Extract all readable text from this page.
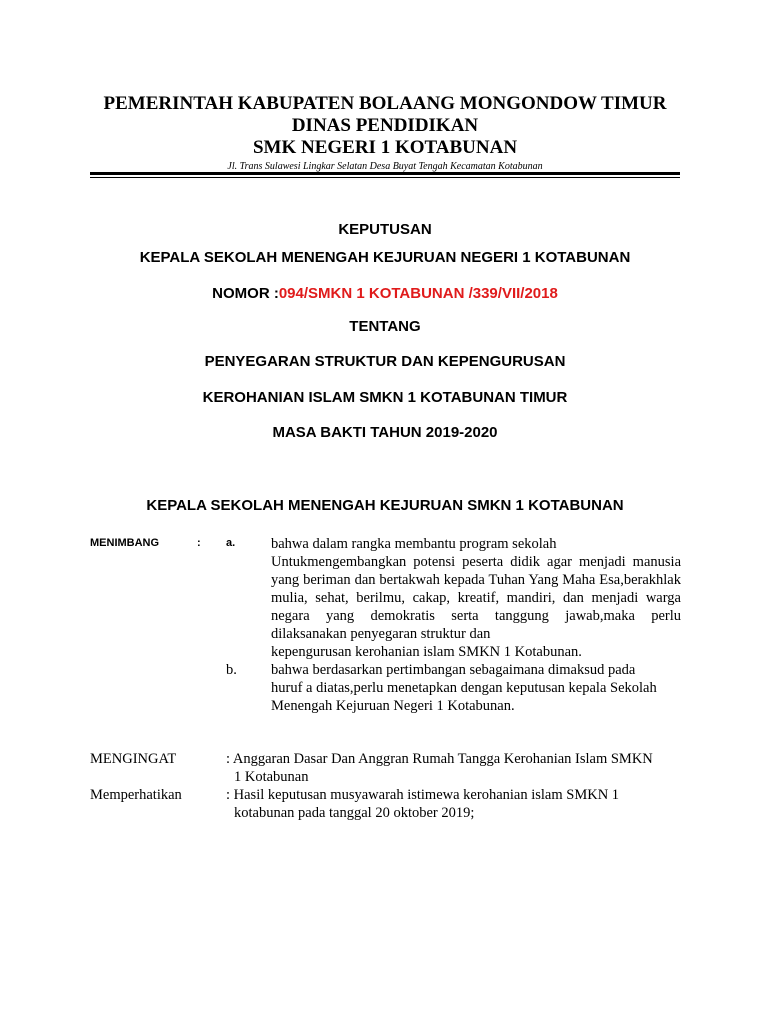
PEMERINTAH KABUPATEN BOLAANG MONGONDOW TIMUR
DINAS PENDIDIKAN
SMK NEGERI 1 KOTABUNAN
Jl. Trans Sulawesi Lingkar Selatan Desa Buyat Tengah Kecamatan Kotabunan
KEPUTUSAN
KEPALA SEKOLAH MENENGAH KEJURUAN NEGERI 1 KOTABUNAN
NOMOR :094/SMKN 1 KOTABUNAN /339/VII/2018
TENTANG
PENYEGARAN STRUKTUR DAN KEPENGURUSAN
KEROHANIAN ISLAM SMKN 1 KOTABUNAN TIMUR
MASA BAKTI TAHUN 2019-2020
KEPALA SEKOLAH MENENGAH KEJURUAN SMKN 1 KOTABUNAN
MENIMBANG	: a. bahwa dalam rangka membantu program sekolah
Untukmengembangkan potensi peserta didik agar menjadi manusia yang beriman dan bertakwah kepada Tuhan Yang Maha Esa,berakhlak mulia, sehat, berilmu, cakap, kreatif, mandiri, dan menjadi warga negara yang demokratis serta tanggung jawab,maka perlu dilaksanakan penyegaran struktur dan
kepengurusan kerohanian islam SMKN 1 Kotabunan.
b. bahwa berdasarkan pertimbangan sebagaimana dimaksud pada
huruf a diatas,perlu menetapkan dengan keputusan kepala Sekolah
Menengah Kejuruan Negeri 1 Kotabunan.
MENGINGAT	: Anggaran Dasar Dan Anggran Rumah Tangga Kerohanian Islam SMKN
1 Kotabunan
Memperhatikan	: Hasil keputusan musyawarah istimewa kerohanian islam SMKN 1
kotabunan pada tanggal 20 oktober 2019;
